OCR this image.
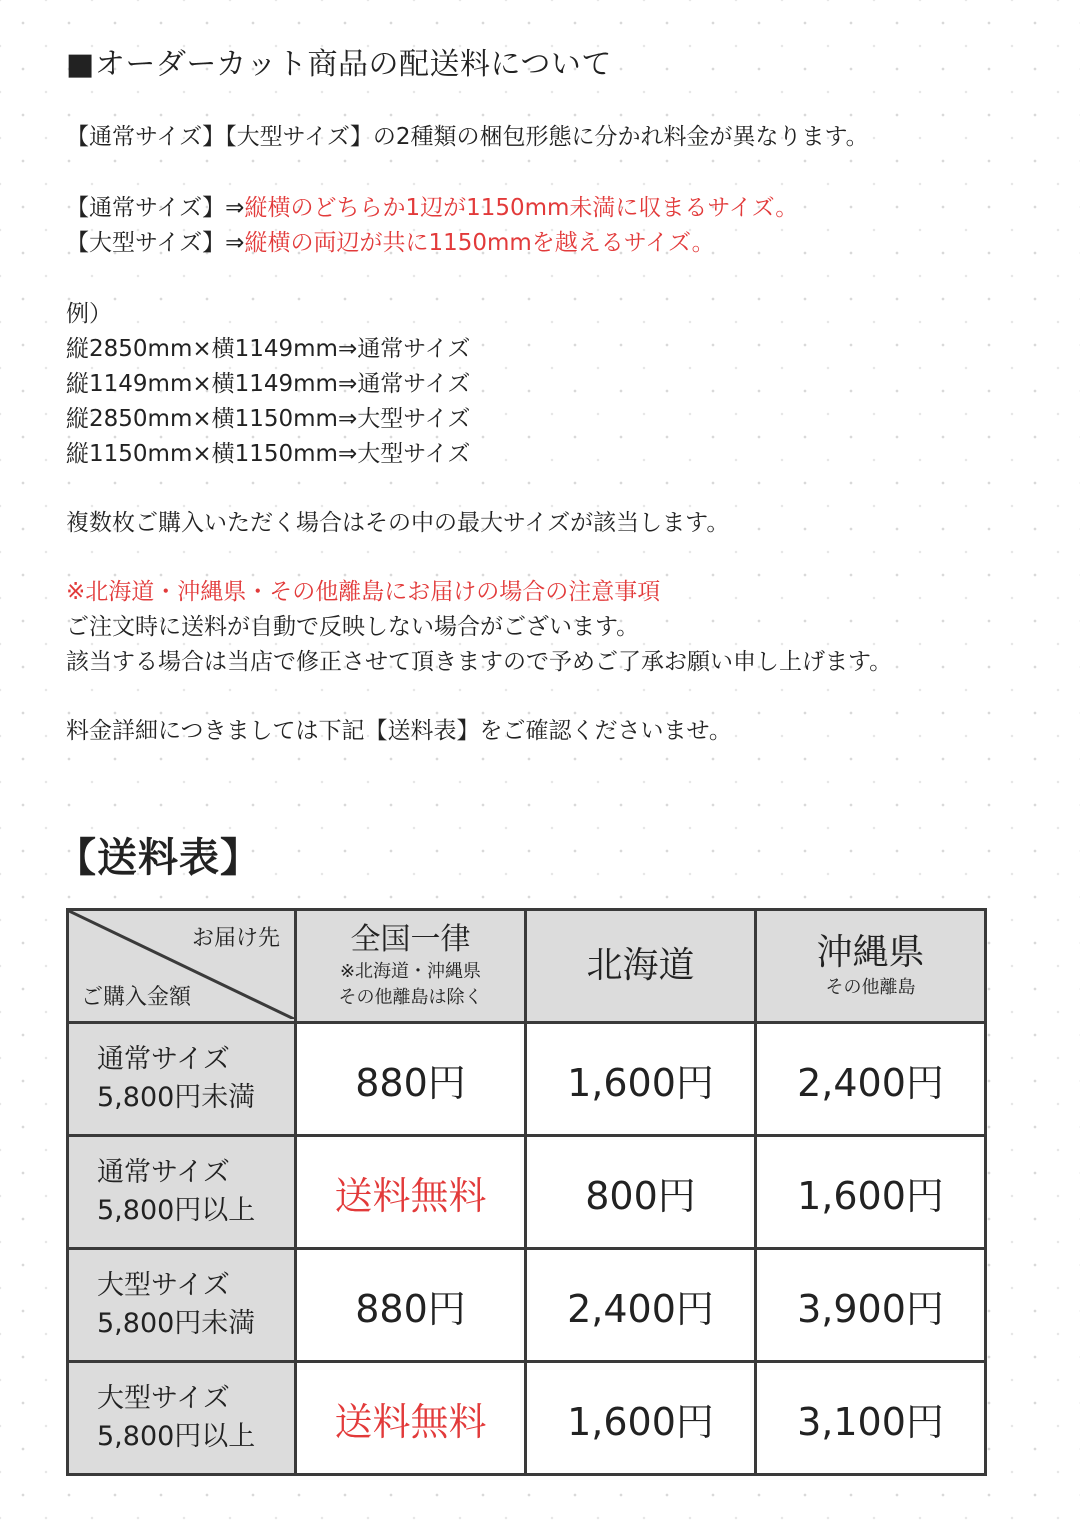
■オーダーカット商品の配送料について

【通常サイズ】【大型サイズ】の2種類の梱包形態に分かれ料金が異なります。

【通常サイズ】⇒縦横のどちらか1辺が1150mm未満に収まるサイズ。

【大型サイズ】⇒縦横の両辺が共に1150mmを越えるサイズ。

例）

縦2850mm×横1149mm⇒通常サイズ

縦1149mm×横1149mm⇒通常サイズ

縦2850mm×横1150mm⇒大型サイズ

縦1150mm×横1150mm⇒大型サイズ

複数枚ご購入いただく場合はその中の最大サイズが該当します。

※北海道・沖縄県・その他離島にお届けの場合の注意事項

ご注文時に送料が自動で反映しない場合がございます。

該当する場合は当店で修正させて頂きますので予めご了承お願い申し上げます。

料金詳細につきましては下記【送料表】をご確認くださいませ。

【送料表】
お届け先
ご購入金額	全国一律
※北海道・沖縄県
その他離島は除く	北海道	沖縄県
その他離島

通常サイズ
5,800円未満	880円	1,600円	2,400円

通常サイズ
5,800円以上	送料無料	800円	1,600円

大型サイズ
5,800円未満	880円	2,400円	3,900円

大型サイズ
5,800円以上	送料無料	1,600円	3,100円
